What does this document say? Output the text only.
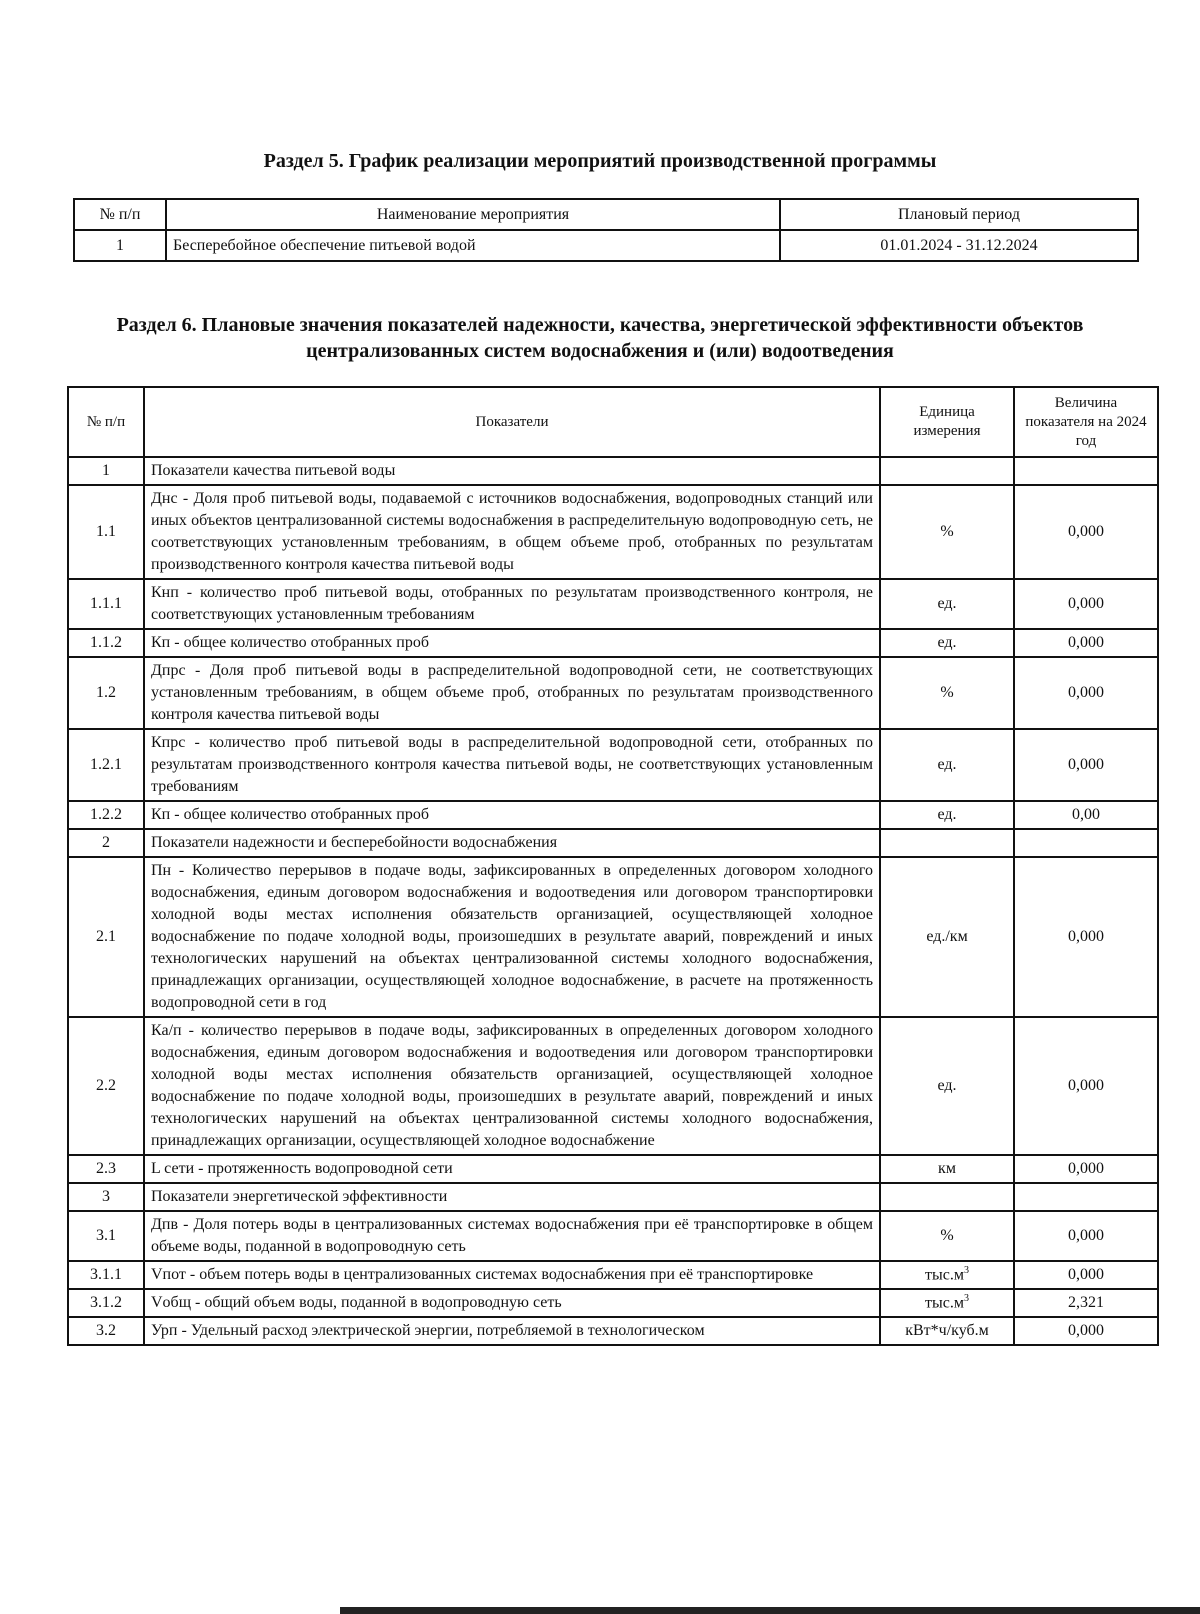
Раздел 5. График реализации мероприятий производственной программы
№ п/п	Наименование мероприятия	Плановый период
1	Бесперебойное обеспечение питьевой водой	01.01.2024 - 31.12.2024
Раздел 6. Плановые значения показателей надежности, качества, энергетической эффективности объектов централизованных систем водоснабжения и (или) водоотведения
№ п/п	Показатели	Единица измерения	Величина показателя на 2024 год
1	Показатели качества питьевой воды		
1.1	Днс - Доля проб питьевой воды, подаваемой с источников водоснабжения, водопроводных станций или иных объектов централизованной системы водоснабжения в распределительную водопроводную сеть, не соответствующих установленным требованиям, в общем объеме проб, отобранных по результатам производственного контроля качества питьевой воды	%	0,000
1.1.1	Кнп - количество проб питьевой воды, отобранных по результатам производственного контроля, не соответствующих установленным требованиям	ед.	0,000
1.1.2	Кп - общее количество отобранных проб	ед.	0,000
1.2	Дпрс - Доля проб питьевой воды в распределительной водопроводной сети, не соответствующих установленным требованиям, в общем объеме проб, отобранных по результатам производственного контроля качества питьевой воды	%	0,000
1.2.1	Кпрс - количество проб питьевой воды в распределительной водопроводной сети, отобранных по результатам производственного контроля качества питьевой воды, не соответствующих установленным требованиям	ед.	0,000
1.2.2	Кп - общее количество отобранных проб	ед.	0,00
2	Показатели надежности и бесперебойности водоснабжения		
2.1	Пн - Количество перерывов в подаче воды, зафиксированных в определенных договором холодного водоснабжения, единым договором водоснабжения и водоотведения или договором транспортировки холодной воды местах исполнения обязательств организацией, осуществляющей холодное водоснабжение по подаче холодной воды, произошедших в результате аварий, повреждений и иных технологических нарушений на объектах централизованной системы холодного водоснабжения, принадлежащих организации, осуществляющей холодное водоснабжение, в расчете на протяженность водопроводной сети в год	ед./км	0,000
2.2	Ка/п - количество перерывов в подаче воды, зафиксированных в определенных договором холодного водоснабжения, единым договором водоснабжения и водоотведения или договором транспортировки холодной воды местах исполнения обязательств организацией, осуществляющей холодное водоснабжение по подаче холодной воды, произошедших в результате аварий, повреждений и иных технологических нарушений на объектах централизованной системы холодного водоснабжения, принадлежащих организации, осуществляющей холодное водоснабжение	ед.	0,000
2.3	L сети - протяженность водопроводной сети	км	0,000
3	Показатели энергетической эффективности		
3.1	Дпв - Доля потерь воды в централизованных системах водоснабжения при её транспортировке в общем объеме воды, поданной в водопроводную сеть	%	0,000
3.1.1	Vпот - объем потерь воды в централизованных системах водоснабжения при её транспортировке	$тыс.м^3$	0,000
3.1.2	Vобщ - общий объем воды, поданной в водопроводную сеть	$тыс.м^3$	2,321
3.2	Урп - Удельный расход электрической энергии, потребляемой в технологическом	кВт*ч/куб.м	0,000
